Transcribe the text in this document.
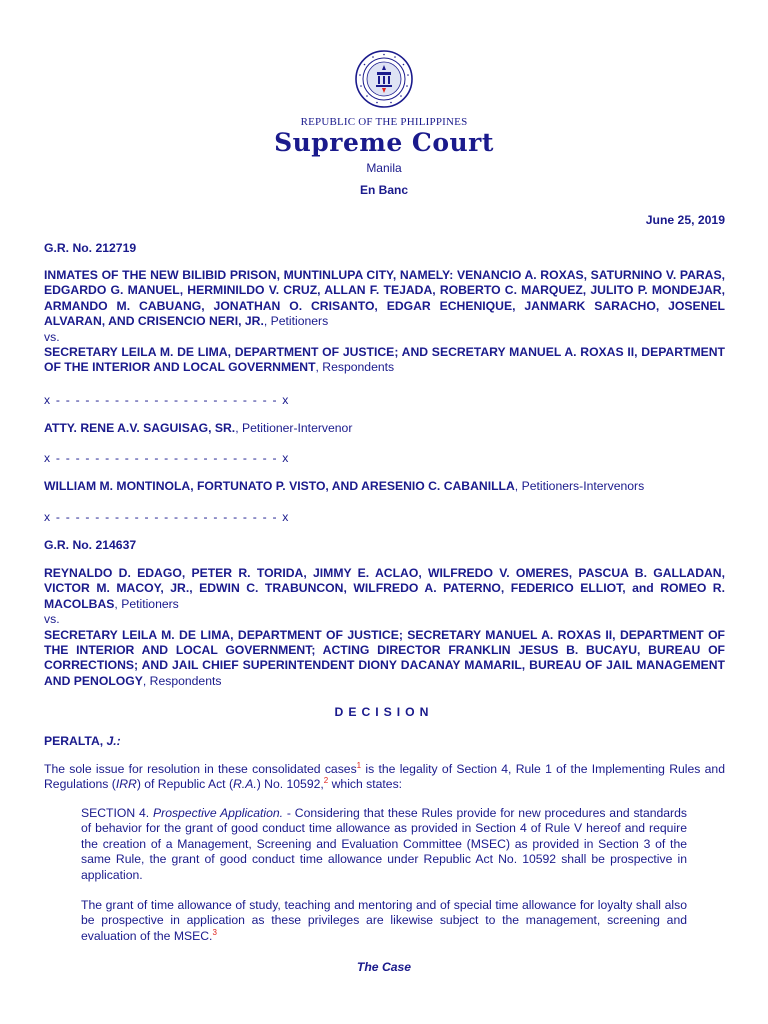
REPUBLIC OF THE PHILIPPINES
Supreme Court
Manila
En Banc
June 25, 2019
G.R. No. 212719
INMATES OF THE NEW BILIBID PRISON, MUNTINLUPA CITY, NAMELY: VENANCIO A. ROXAS, SATURNINO V. PARAS, EDGARDO G. MANUEL, HERMINILDO V. CRUZ, ALLAN F. TEJADA, ROBERTO C. MARQUEZ, JULITO P. MONDEJAR, ARMANDO M. CABUANG, JONATHAN O. CRISANTO, EDGAR ECHENIQUE, JANMARK SARACHO, JOSENEL ALVARAN, AND CRISENCIO NERI, JR., Petitioners
vs.
SECRETARY LEILA M. DE LIMA, DEPARTMENT OF JUSTICE; AND SECRETARY MANUEL A. ROXAS II, DEPARTMENT OF THE INTERIOR AND LOCAL GOVERNMENT, Respondents
x - - - - - - - - - - - - - - - - - - - - - - - x
ATTY. RENE A.V. SAGUISAG, SR., Petitioner-Intervenor
x - - - - - - - - - - - - - - - - - - - - - - - x
WILLIAM M. MONTINOLA, FORTUNATO P. VISTO, AND ARESENIO C. CABANILLA, Petitioners-Intervenors
x - - - - - - - - - - - - - - - - - - - - - - - x
G.R. No. 214637
REYNALDO D. EDAGO, PETER R. TORIDA, JIMMY E. ACLAO, WILFREDO V. OMERES, PASCUA B. GALLADAN, VICTOR M. MACOY, JR., EDWIN C. TRABUNCON, WILFREDO A. PATERNO, FEDERICO ELLIOT, and ROMEO R. MACOLBAS, Petitioners
vs.
SECRETARY LEILA M. DE LIMA, DEPARTMENT OF JUSTICE; SECRETARY MANUEL A. ROXAS II, DEPARTMENT OF THE INTERIOR AND LOCAL GOVERNMENT; ACTING DIRECTOR FRANKLIN JESUS B. BUCAYU, BUREAU OF CORRECTIONS; AND JAIL CHIEF SUPERINTENDENT DIONY DACANAY MAMARIL, BUREAU OF JAIL MANAGEMENT AND PENOLOGY, Respondents
DECISION
PERALTA, J.:
The sole issue for resolution in these consolidated cases$^1$ is the legality of Section 4, Rule 1 of the Implementing Rules and Regulations (IRR) of Republic Act (R.A.) No. 10592,$^2$ which states:
SECTION 4. Prospective Application. - Considering that these Rules provide for new procedures and standards of behavior for the grant of good conduct time allowance as provided in Section 4 of Rule V hereof and require the creation of a Management, Screening and Evaluation Committee (MSEC) as provided in Section 3 of the same Rule, the grant of good conduct time allowance under Republic Act No. 10592 shall be prospective in application.
The grant of time allowance of study, teaching and mentoring and of special time allowance for loyalty shall also be prospective in application as these privileges are likewise subject to the management, screening and evaluation of the MSEC.$^3$
The Case
